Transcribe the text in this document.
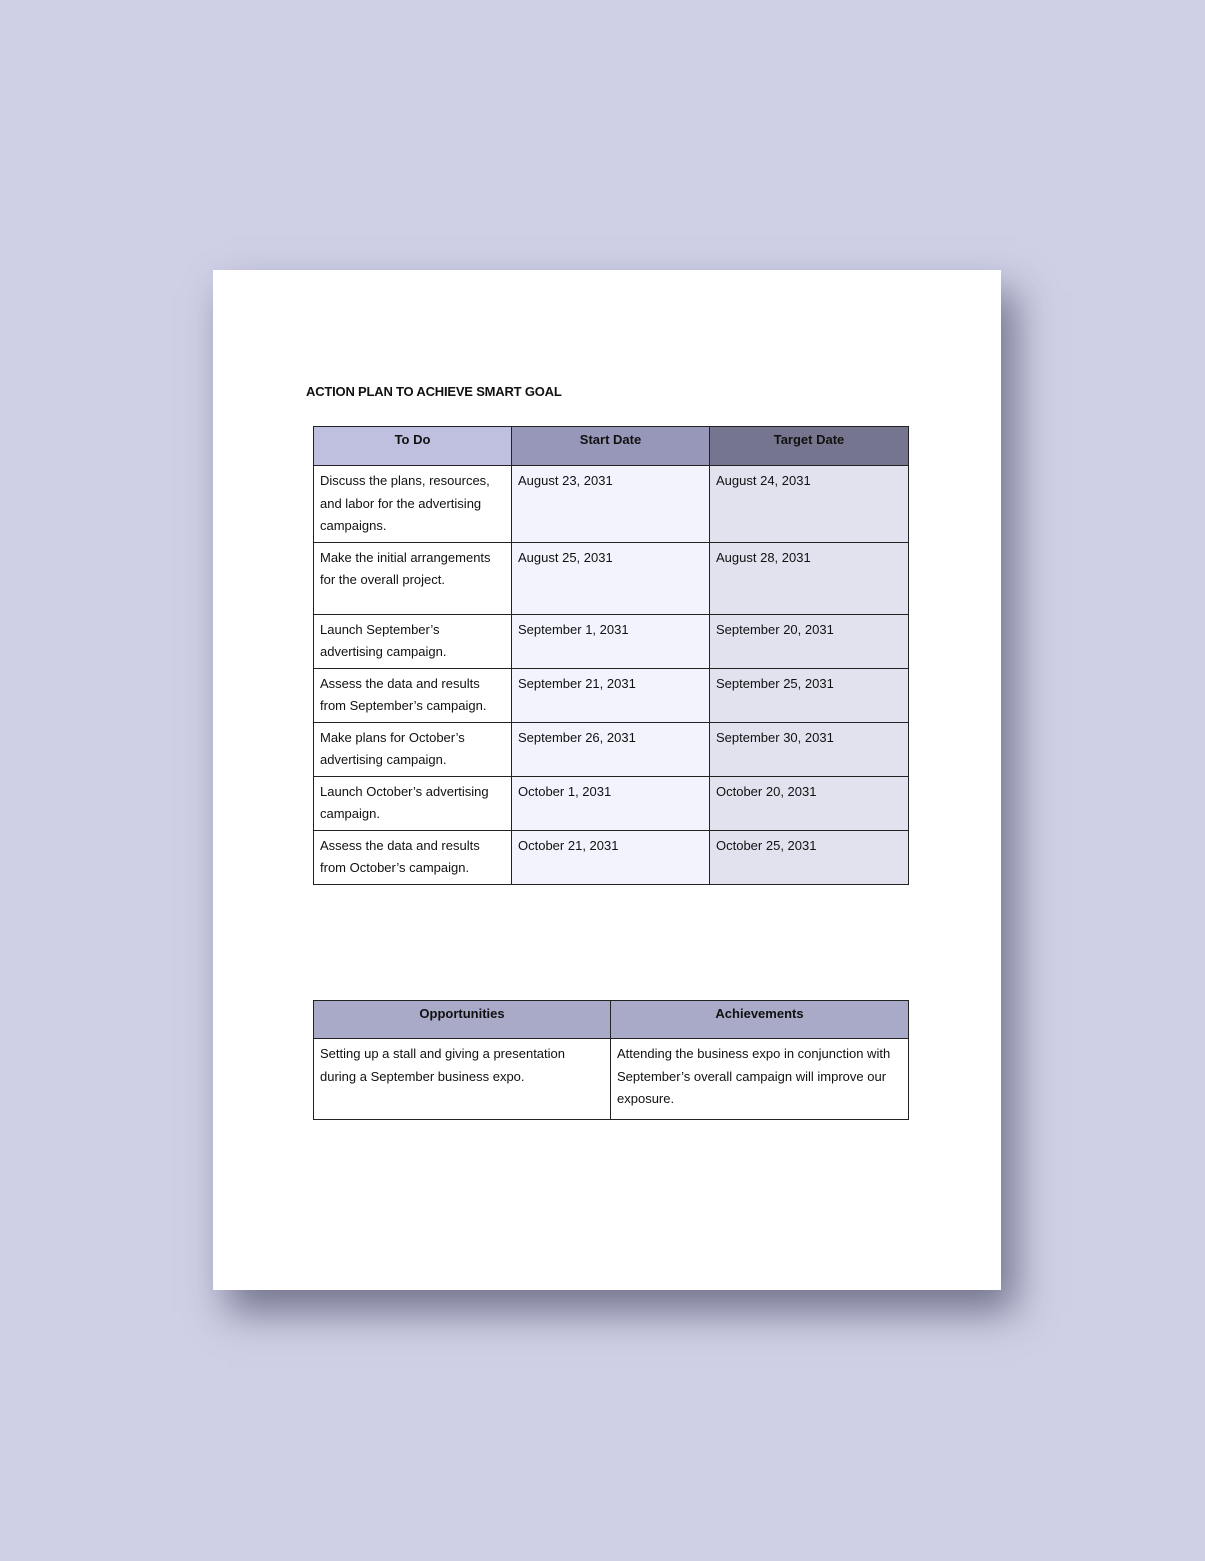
ACTION PLAN TO ACHIEVE SMART GOAL
To Do	Start Date	Target Date
Discuss the plans, resources, and labor for the advertising campaigns.	August 23, 2031	August 24, 2031
Make the initial arrangements for the overall project.	August 25, 2031	August 28, 2031
Launch September’s advertising campaign.	September 1, 2031	September 20, 2031
Assess the data and results from September’s campaign.	September 21, 2031	September 25, 2031
Make plans for October’s advertising campaign.	September 26, 2031	September 30, 2031
Launch October’s advertising campaign.	October 1, 2031	October 20, 2031
Assess the data and results from October’s campaign.	October 21, 2031	October 25, 2031
Opportunities	Achievements
Setting up a stall and giving a presentation during a September business expo.	Attending the business expo in conjunction with September’s overall campaign will improve our exposure.
